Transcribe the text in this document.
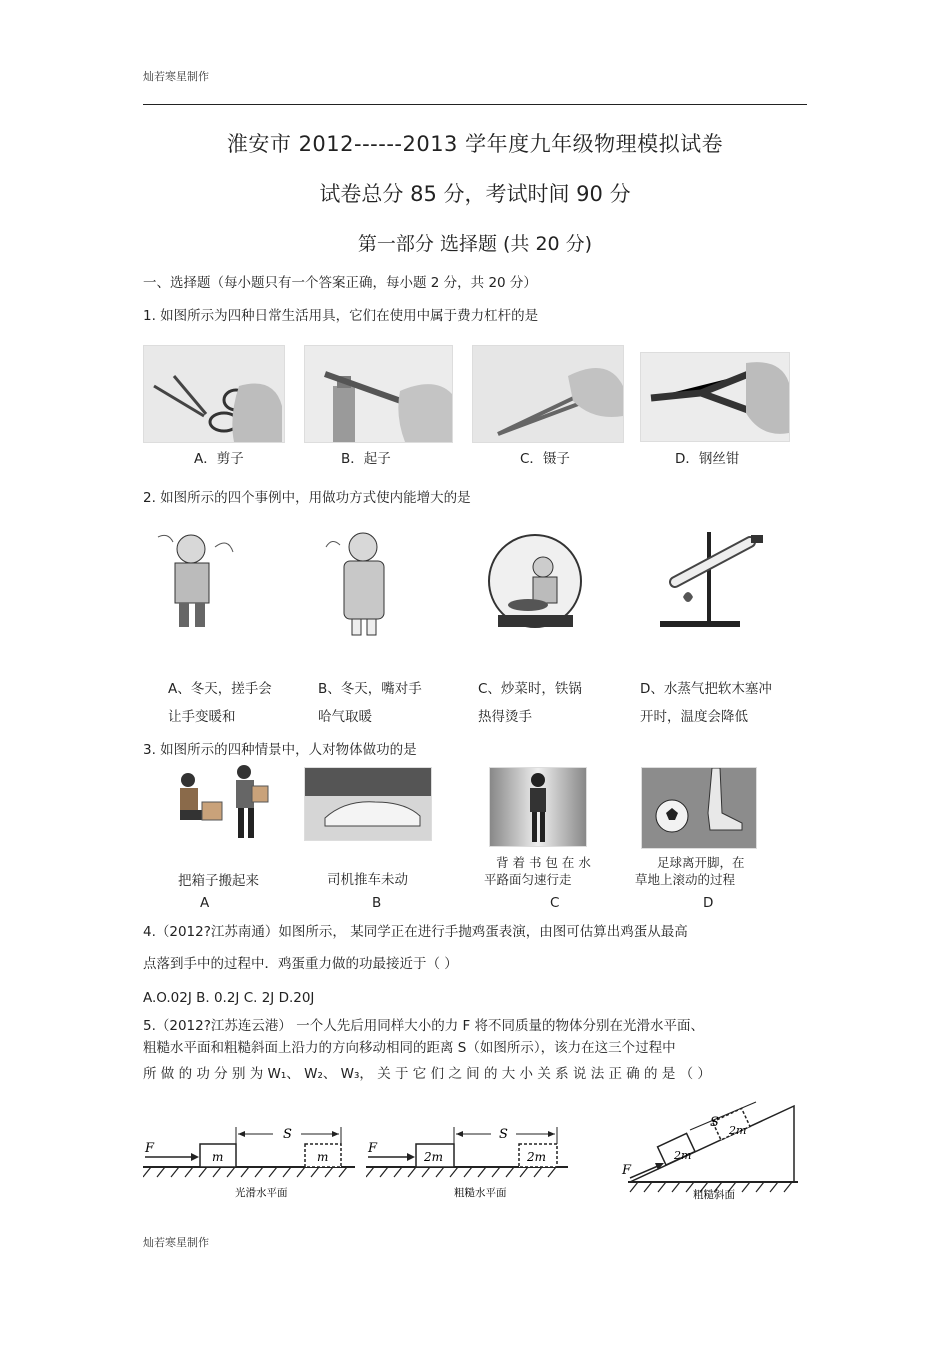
灿若寒星制作
淮安市 2012------2013 学年度九年级物理模拟试卷
试卷总分 85 分，考试时间 90 分
第一部分 选择题 (共 20 分)
一、选择题（每小题只有一个答案正确，每小题 2 分，共 20 分）
1. 如图所示为四种日常生活用具，它们在使用中属于费力杠杆的是
A．剪子	B．起子	C．镊子	D．钢丝钳
2. 如图所示的四个事例中，用做功方式使内能增大的是
A、冬天，搓手会
让手变暖和
B、冬天，嘴对手
哈气取暖
C、炒菜时，铁锅
热得烫手
D、水蒸气把软木塞冲
开时，温度会降低
3. 如图所示的四种情景中，人对物体做功的是
把箱子搬起来
A
司机推车未动
B
背 着 书 包 在 水
平路面匀速行走
C
足球离开脚，在
草地上滚动的过程
D
4.（2012?江苏南通）如图所示， 某同学正在进行手抛鸡蛋表演，由图可估算出鸡蛋从最高
点落到手中的过程中．鸡蛋重力做的功最接近于（ ）
A.O.02J B. 0.2J C. 2J D.20J
5.（2012?江苏连云港） 一个人先后用同样大小的力 F 将不同质量的物体分别在光滑水平面、
粗糙水平面和粗糙斜面上沿力的方向移动相同的距离 S（如图所示），该力在这三个过程中
所 做 的 功 分 别 为 W₁、 W₂、 W₃， 关 于 它 们 之 间 的 大 小 关 系 说 法 正 确 的 是 （ ）
F
S
m	m
光滑水平面
F
S
2m	2m
粗糙水平面
F
S
2m
2m
粗糙斜面
灿若寒星制作
